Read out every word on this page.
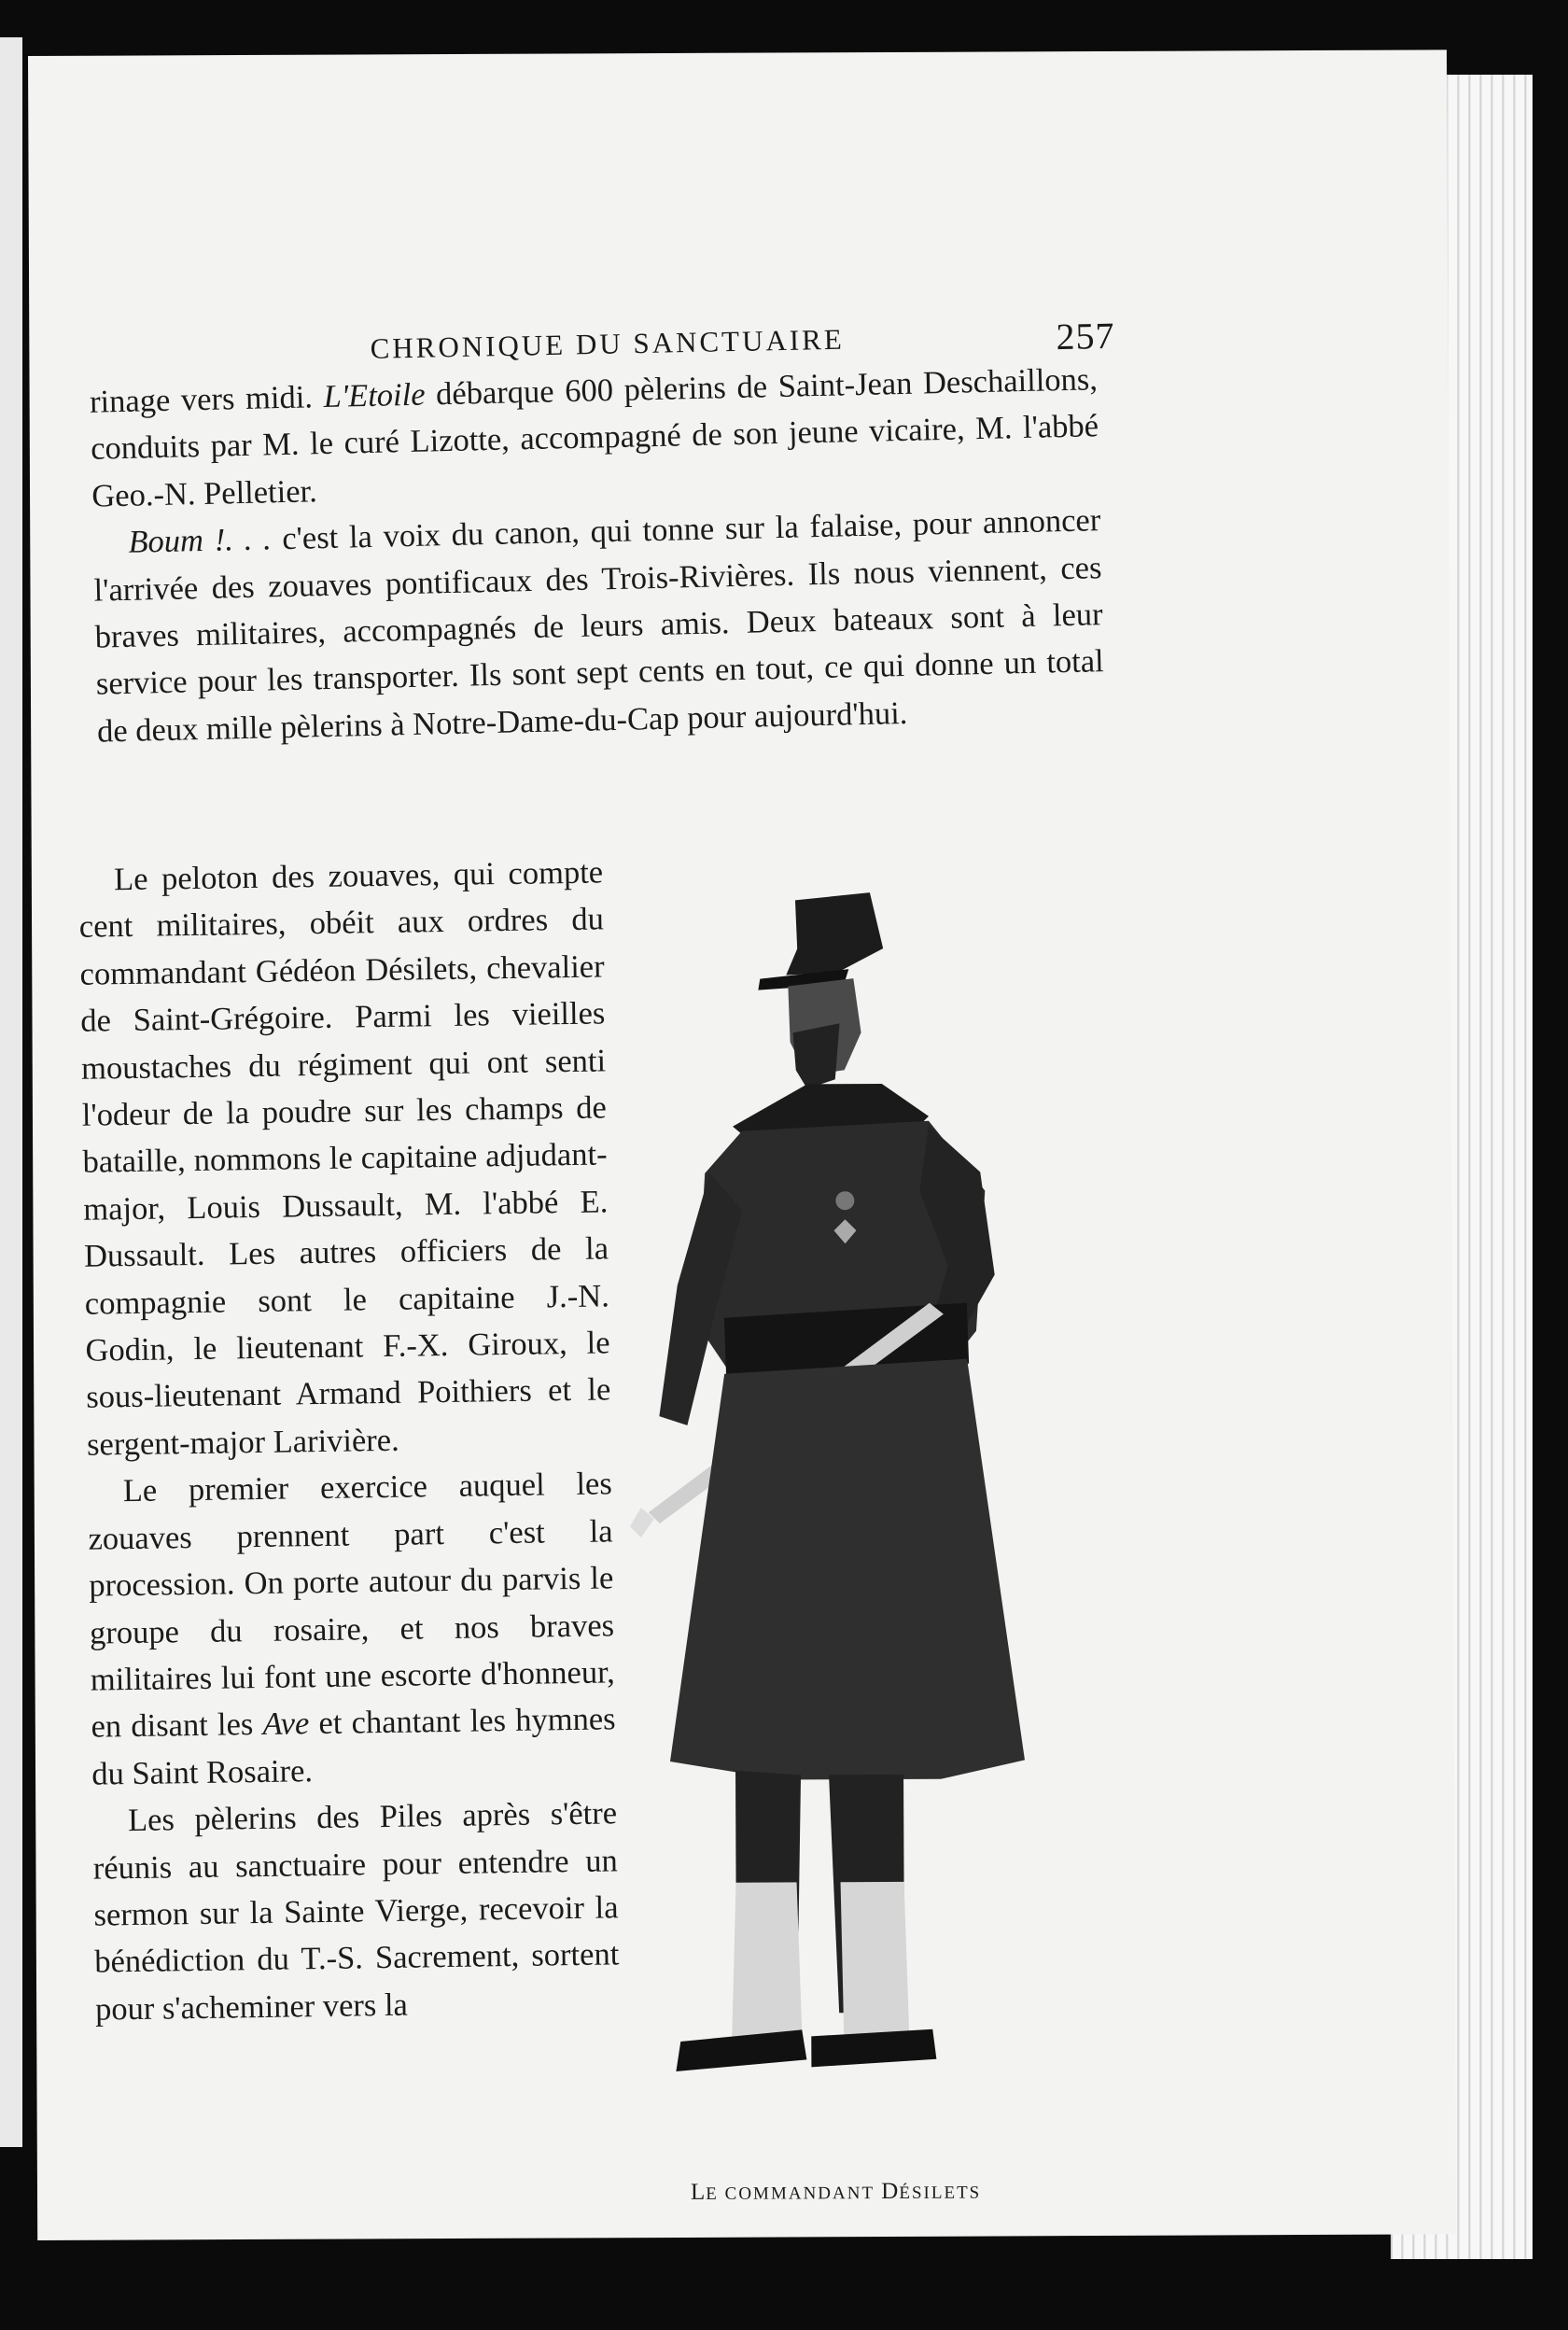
CHRONIQUE DU SANCTUAIRE	257

rinage vers midi. L'Etoile débarque 600 pèlerins de Saint-Jean Deschaillons, conduits par M. le curé Lizotte, accompagné de son jeune vicaire, M. l'abbé Geo.-N. Pelletier.

Boum !. . . c'est la voix du canon, qui tonne sur la falaise, pour annoncer l'arrivée des zouaves pontificaux des Trois-Rivières. Ils nous viennent, ces braves militaires, accompagnés de leurs amis. Deux bateaux sont à leur service pour les transporter. Ils sont sept cents en tout, ce qui donne un total de deux mille pèlerins à Notre-Dame-du-Cap pour aujourd'hui.

Le peloton des zouaves, qui compte cent militaires, obéit aux ordres du commandant Gédéon Désilets, chevalier de Saint-Grégoire. Parmi les vieilles moustaches du régiment qui ont senti l'odeur de la poudre sur les champs de bataille, nommons le capitaine adjudant-major, Louis Dussault, M. l'abbé E. Dussault. Les autres officiers de la compagnie sont le capitaine J.-N. Godin, le lieutenant F.-X. Giroux, le sous-lieutenant Armand Poithiers et le sergent-major Larivière.

Le premier exercice auquel les zouaves prennent part c'est la procession. On porte autour du parvis le groupe du rosaire, et nos braves militaires lui font une escorte d'honneur, en disant les Ave et chantant les hymnes du Saint Rosaire.

Les pèlerins des Piles après s'être réunis au sanctuaire pour entendre un sermon sur la Sainte Vierge, recevoir la bénédiction du T.-S. Sacrement, sortent pour s'acheminer vers la

LE COMMANDANT DÉSILETS
